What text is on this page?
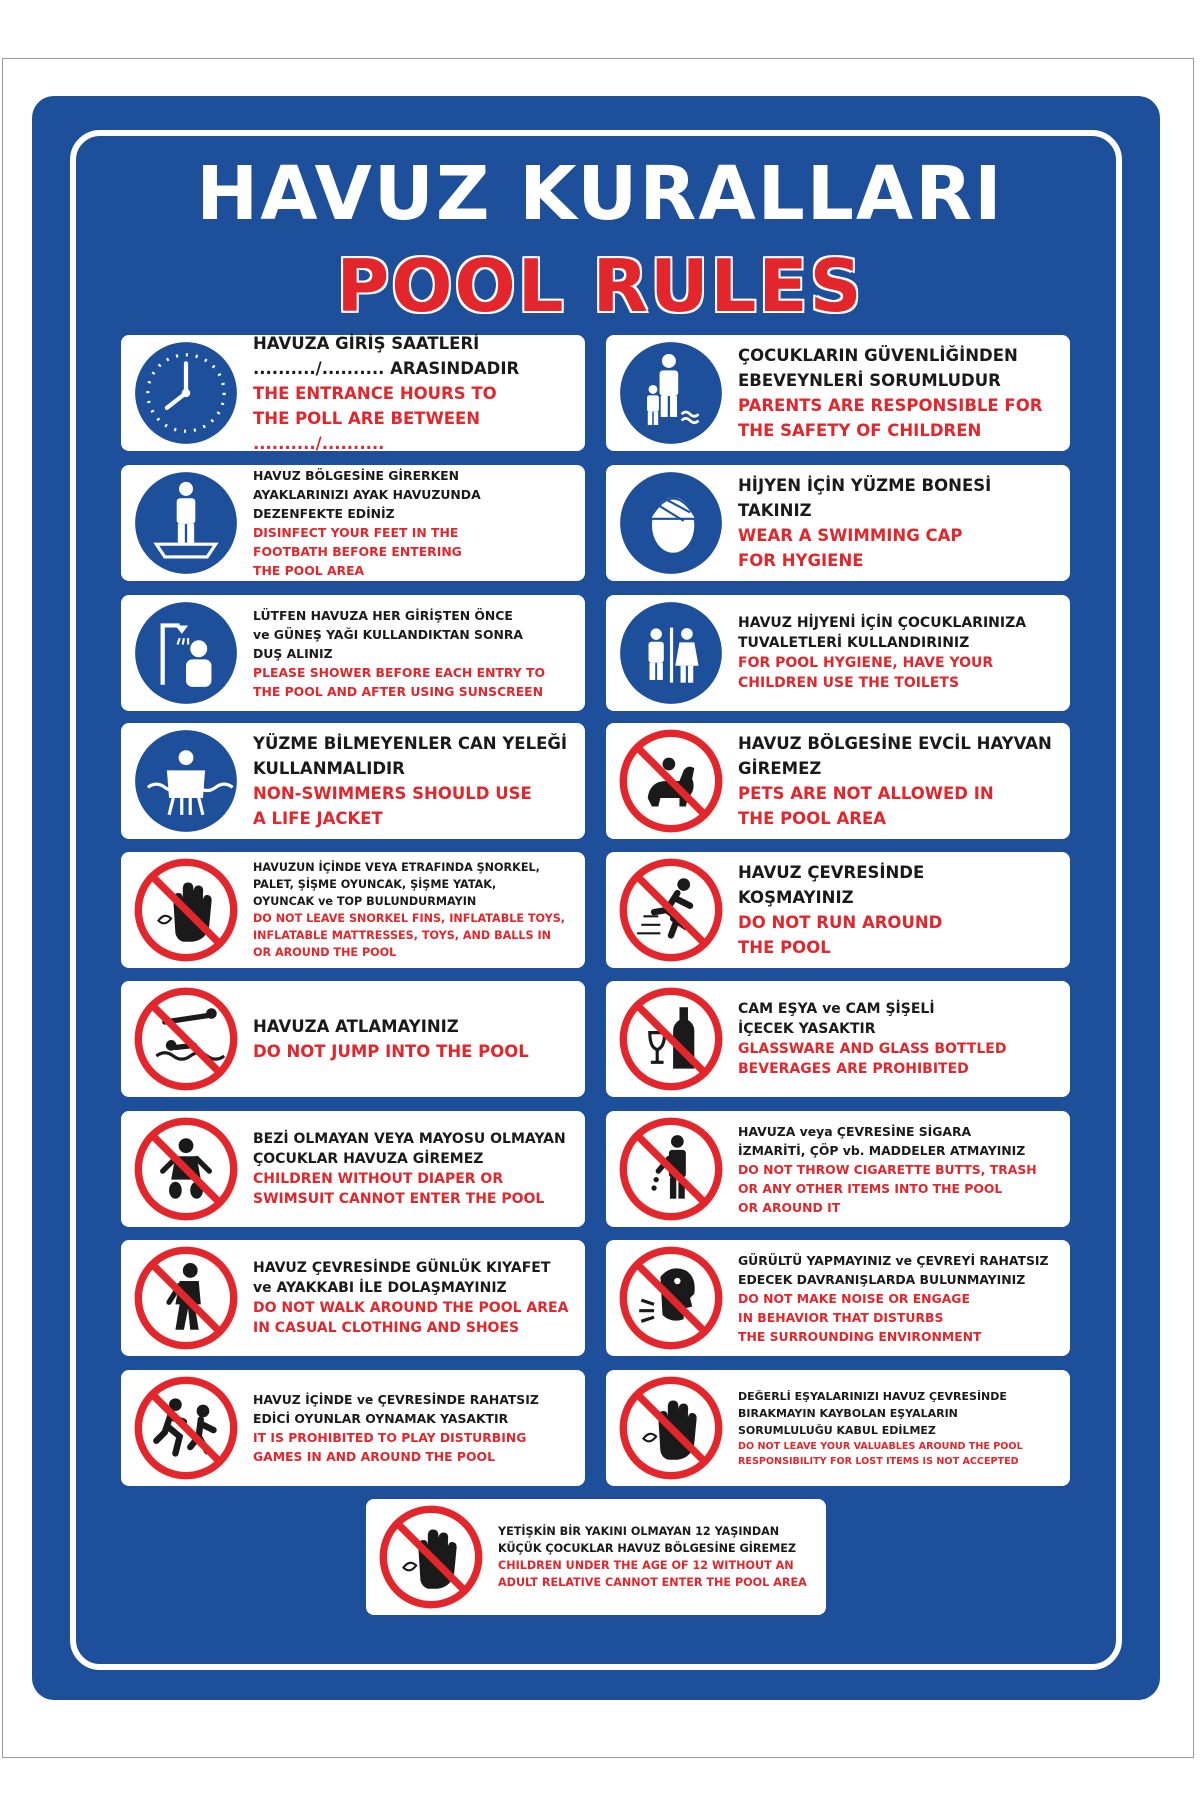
HAVUZ KURALLARI
POOL RULES
HAVUZA GİRİŞ SAATLERİ
........../.......... ARASINDADIR
THE ENTRANCE HOURS TO
THE POLL ARE BETWEEN
........../..........
ÇOCUKLARIN GÜVENLİĞİNDEN
EBEVEYNLERİ SORUMLUDUR
PARENTS ARE RESPONSIBLE FOR
THE SAFETY OF CHILDREN
HAVUZ BÖLGESİNE GİRERKEN
AYAKLARINIZI AYAK HAVUZUNDA
DEZENFEKTE EDİNİZ
DISINFECT YOUR FEET IN THE
FOOTBATH BEFORE ENTERING
THE POOL AREA
HİJYEN İÇİN YÜZME BONESİ
TAKINIZ
WEAR A SWIMMING CAP
FOR HYGIENE
LÜTFEN HAVUZA HER GİRİŞTEN ÖNCE
ve GÜNEŞ YAĞI KULLANDIKTAN SONRA
DUŞ ALINIZ
PLEASE SHOWER BEFORE EACH ENTRY TO
THE POOL AND AFTER USING SUNSCREEN
HAVUZ HİJYENİ İÇİN ÇOCUKLARINIZA
TUVALETLERİ KULLANDIRINIZ
FOR POOL HYGIENE, HAVE YOUR
CHILDREN USE THE TOILETS
YÜZME BİLMEYENLER CAN YELEĞİ
KULLANMALIDIR
NON-SWIMMERS SHOULD USE
A LIFE JACKET
HAVUZ BÖLGESİNE EVCİL HAYVAN
GİREMEZ
PETS ARE NOT ALLOWED IN
THE POOL AREA
HAVUZUN İÇİNDE VEYA ETRAFINDA ŞNORKEL,
PALET, ŞİŞME OYUNCAK, ŞİŞME YATAK,
OYUNCAK ve TOP BULUNDURMAYIN
DO NOT LEAVE SNORKEL FINS, INFLATABLE TOYS,
INFLATABLE MATTRESSES, TOYS, AND BALLS IN
OR AROUND THE POOL
HAVUZ ÇEVRESİNDE
KOŞMAYINIZ
DO NOT RUN AROUND
THE POOL
HAVUZA ATLAMAYINIZ
DO NOT JUMP INTO THE POOL
CAM EŞYA ve CAM ŞİŞELİ
İÇECEK YASAKTIR
GLASSWARE AND GLASS BOTTLED
BEVERAGES ARE PROHIBITED
BEZİ OLMAYAN VEYA MAYOSU OLMAYAN
ÇOCUKLAR HAVUZA GİREMEZ
CHILDREN WITHOUT DIAPER OR
SWIMSUIT CANNOT ENTER THE POOL
HAVUZA veya ÇEVRESİNE SİGARA
İZMARİTİ, ÇÖP vb. MADDELER ATMAYINIZ
DO NOT THROW CIGARETTE BUTTS, TRASH
OR ANY OTHER ITEMS INTO THE POOL
OR AROUND IT
HAVUZ ÇEVRESİNDE GÜNLÜK KIYAFET
ve AYAKKABI İLE DOLAŞMAYINIZ
DO NOT WALK AROUND THE POOL AREA
IN CASUAL CLOTHING AND SHOES
GÜRÜLTÜ YAPMAYINIZ ve ÇEVREYİ RAHATSIZ
EDECEK DAVRANIŞLARDA BULUNMAYINIZ
DO NOT MAKE NOISE OR ENGAGE
IN BEHAVIOR THAT DISTURBS
THE SURROUNDING ENVIRONMENT
HAVUZ İÇİNDE ve ÇEVRESİNDE RAHATSIZ
EDİCİ OYUNLAR OYNAMAK YASAKTIR
IT IS PROHIBITED TO PLAY DISTURBING
GAMES IN AND AROUND THE POOL
DEĞERLİ EŞYALARINIZI HAVUZ ÇEVRESİNDE
BIRAKMAYIN KAYBOLAN EŞYALARIN
SORUMLULUĞU KABUL EDİLMEZ
DO NOT LEAVE YOUR VALUABLES AROUND THE POOL
RESPONSIBILITY FOR LOST ITEMS IS NOT ACCEPTED
YETİŞKİN BİR YAKINI OLMAYAN 12 YAŞINDAN
KÜÇÜK ÇOCUKLAR HAVUZ BÖLGESİNE GİREMEZ
CHILDREN UNDER THE AGE OF 12 WITHOUT AN
ADULT RELATIVE CANNOT ENTER THE POOL AREA
